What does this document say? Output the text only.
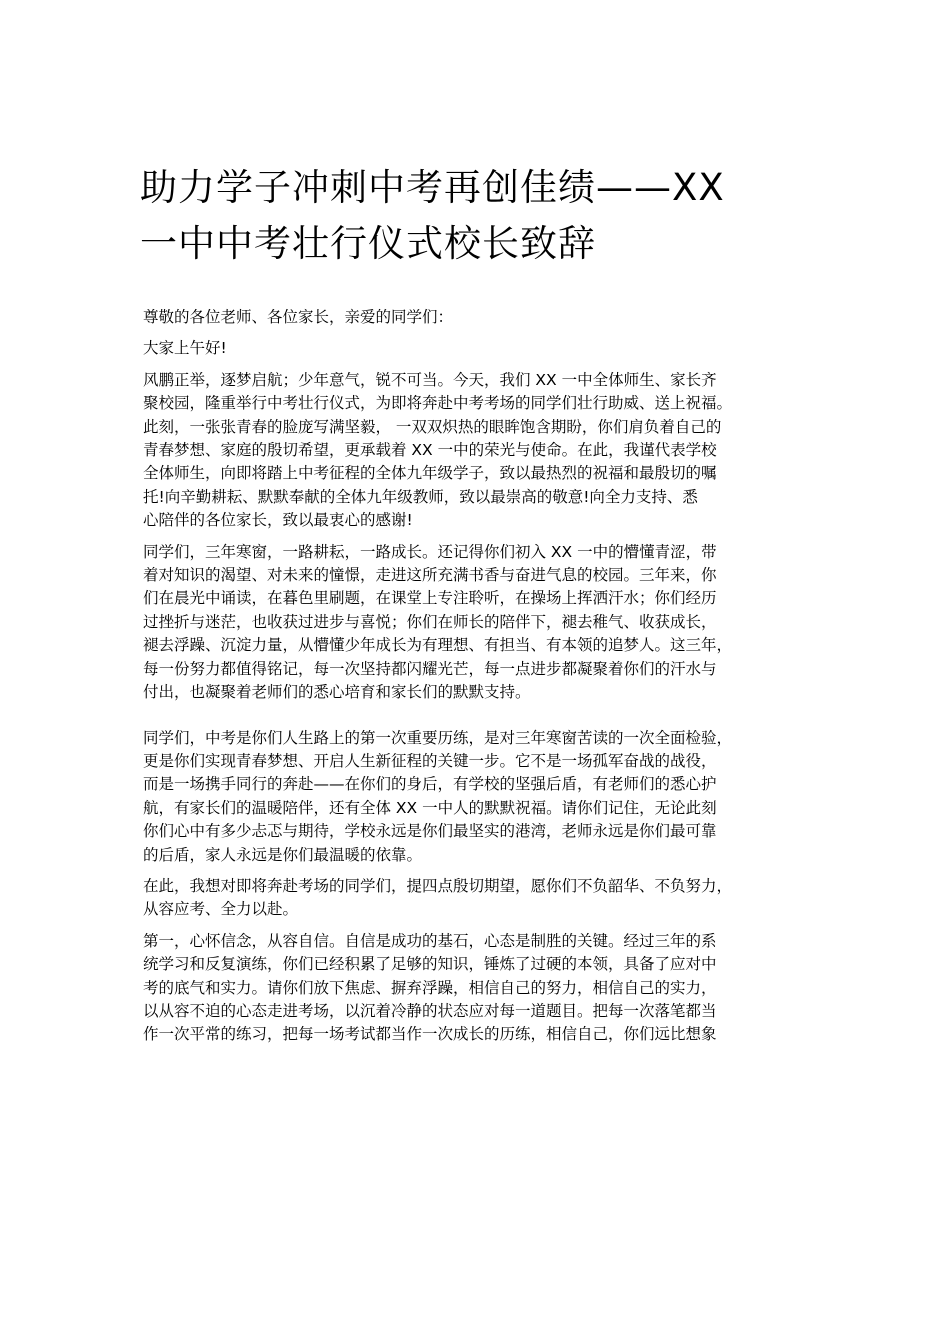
助力学子冲刺中考再创佳绩——XX
一中中考壮行仪式校长致辞

尊敬的各位老师、各位家长，亲爱的同学们：

大家上午好!

风鹏正举，逐梦启航；少年意气，锐不可当。今天，我们 XX 一中全体师生、家长齐
聚校园，隆重举行中考壮行仪式，为即将奔赴中考考场的同学们壮行助威、送上祝福。
此刻，一张张青春的脸庞写满坚毅， 一双双炽热的眼眸饱含期盼，你们肩负着自己的
青春梦想、家庭的殷切希望，更承载着 XX 一中的荣光与使命。在此，我谨代表学校
全体师生，向即将踏上中考征程的全体九年级学子，致以最热烈的祝福和最殷切的嘱
托!向辛勤耕耘、默默奉献的全体九年级教师，致以最崇高的敬意!向全力支持、悉
心陪伴的各位家长，致以最衷心的感谢!

同学们，三年寒窗，一路耕耘，一路成长。还记得你们初入 XX 一中的懵懂青涩，带
着对知识的渴望、对未来的憧憬，走进这所充满书香与奋进气息的校园。三年来，你
们在晨光中诵读，在暮色里刷题，在课堂上专注聆听，在操场上挥洒汗水；你们经历
过挫折与迷茫，也收获过进步与喜悦；你们在师长的陪伴下，褪去稚气、收获成长，
褪去浮躁、沉淀力量，从懵懂少年成长为有理想、有担当、有本领的追梦人。这三年，
每一份努力都值得铭记，每一次坚持都闪耀光芒，每一点进步都凝聚着你们的汗水与
付出，也凝聚着老师们的悉心培育和家长们的默默支持。

同学们，中考是你们人生路上的第一次重要历练，是对三年寒窗苦读的一次全面检验，
更是你们实现青春梦想、开启人生新征程的关键一步。它不是一场孤军奋战的战役，
而是一场携手同行的奔赴——在你们的身后，有学校的坚强后盾，有老师们的悉心护
航，有家长们的温暖陪伴，还有全体 XX 一中人的默默祝福。请你们记住，无论此刻
你们心中有多少忐忑与期待，学校永远是你们最坚实的港湾，老师永远是你们最可靠
的后盾，家人永远是你们最温暖的依靠。

在此，我想对即将奔赴考场的同学们，提四点殷切期望，愿你们不负韶华、不负努力，
从容应考、全力以赴。

第一，心怀信念，从容自信。自信是成功的基石，心态是制胜的关键。经过三年的系
统学习和反复演练，你们已经积累了足够的知识，锤炼了过硬的本领，具备了应对中
考的底气和实力。请你们放下焦虑、摒弃浮躁，相信自己的努力，相信自己的实力，
以从容不迫的心态走进考场，以沉着冷静的状态应对每一道题目。把每一次落笔都当
作一次平常的练习，把每一场考试都当作一次成长的历练，相信自己，你们远比想象
